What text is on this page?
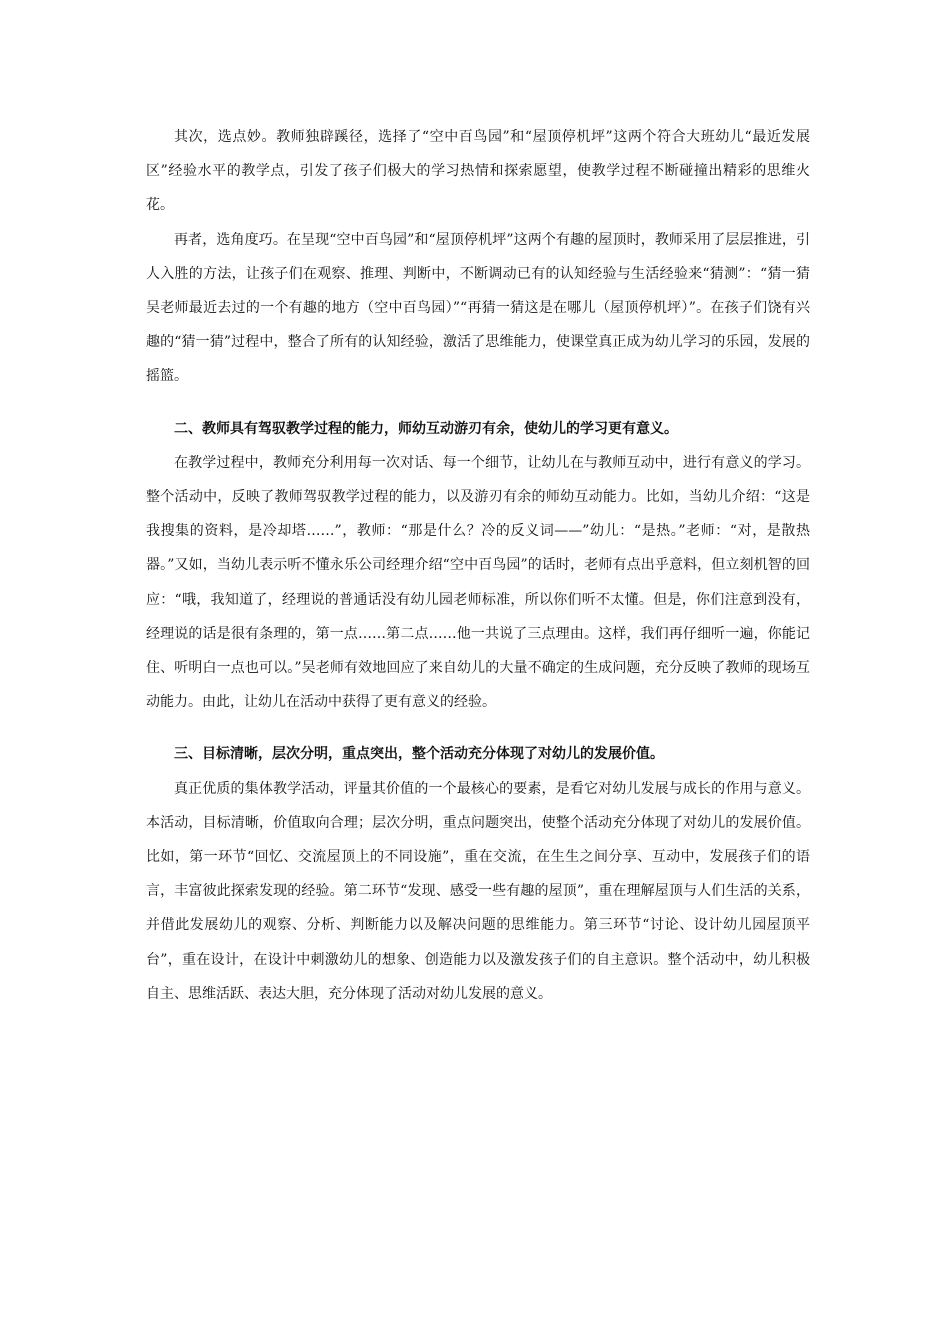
其次，选点妙。教师独辟蹊径，选择了“空中百鸟园”和“屋顶停机坪”这两个符合大班幼儿“最近发展区”经验水平的教学点，引发了孩子们极大的学习热情和探索愿望，使教学过程不断碰撞出精彩的思维火花。

再者，选角度巧。在呈现“空中百鸟园”和“屋顶停机坪”这两个有趣的屋顶时，教师采用了层层推进，引人入胜的方法，让孩子们在观察、推理、判断中，不断调动已有的认知经验与生活经验来“猜测”：“猜一猜吴老师最近去过的一个有趣的地方（空中百鸟园）”“再猜一猜这是在哪儿（屋顶停机坪）”。在孩子们饶有兴趣的“猜一猜”过程中，整合了所有的认知经验，激活了思维能力，使课堂真正成为幼儿学习的乐园，发展的摇篮。

二、教师具有驾驭教学过程的能力，师幼互动游刃有余，使幼儿的学习更有意义。

在教学过程中，教师充分利用每一次对话、每一个细节，让幼儿在与教师互动中，进行有意义的学习。整个活动中，反映了教师驾驭教学过程的能力，以及游刃有余的师幼互动能力。比如，当幼儿介绍：“这是我搜集的资料，是冷却塔……”，教师：“那是什么？冷的反义词——”幼儿：“是热。”老师：“对，是散热器。”又如，当幼儿表示听不懂永乐公司经理介绍“空中百鸟园”的话时，老师有点出乎意料，但立刻机智的回应：“哦，我知道了，经理说的普通话没有幼儿园老师标准，所以你们听不太懂。但是，你们注意到没有，经理说的话是很有条理的，第一点……第二点……他一共说了三点理由。这样，我们再仔细听一遍，你能记住、听明白一点也可以。”吴老师有效地回应了来自幼儿的大量不确定的生成问题，充分反映了教师的现场互动能力。由此，让幼儿在活动中获得了更有意义的经验。

三、目标清晰，层次分明，重点突出，整个活动充分体现了对幼儿的发展价值。

真正优质的集体教学活动，评量其价值的一个最核心的要素，是看它对幼儿发展与成长的作用与意义。本活动，目标清晰，价值取向合理；层次分明，重点问题突出，使整个活动充分体现了对幼儿的发展价值。比如，第一环节“回忆、交流屋顶上的不同设施”，重在交流，在生生之间分享、互动中，发展孩子们的语言，丰富彼此探索发现的经验。第二环节“发现、感受一些有趣的屋顶”，重在理解屋顶与人们生活的关系，并借此发展幼儿的观察、分析、判断能力以及解决问题的思维能力。第三环节“讨论、设计幼儿园屋顶平台”，重在设计，在设计中刺激幼儿的想象、创造能力以及激发孩子们的自主意识。整个活动中，幼儿积极自主、思维活跃、表达大胆，充分体现了活动对幼儿发展的意义。
